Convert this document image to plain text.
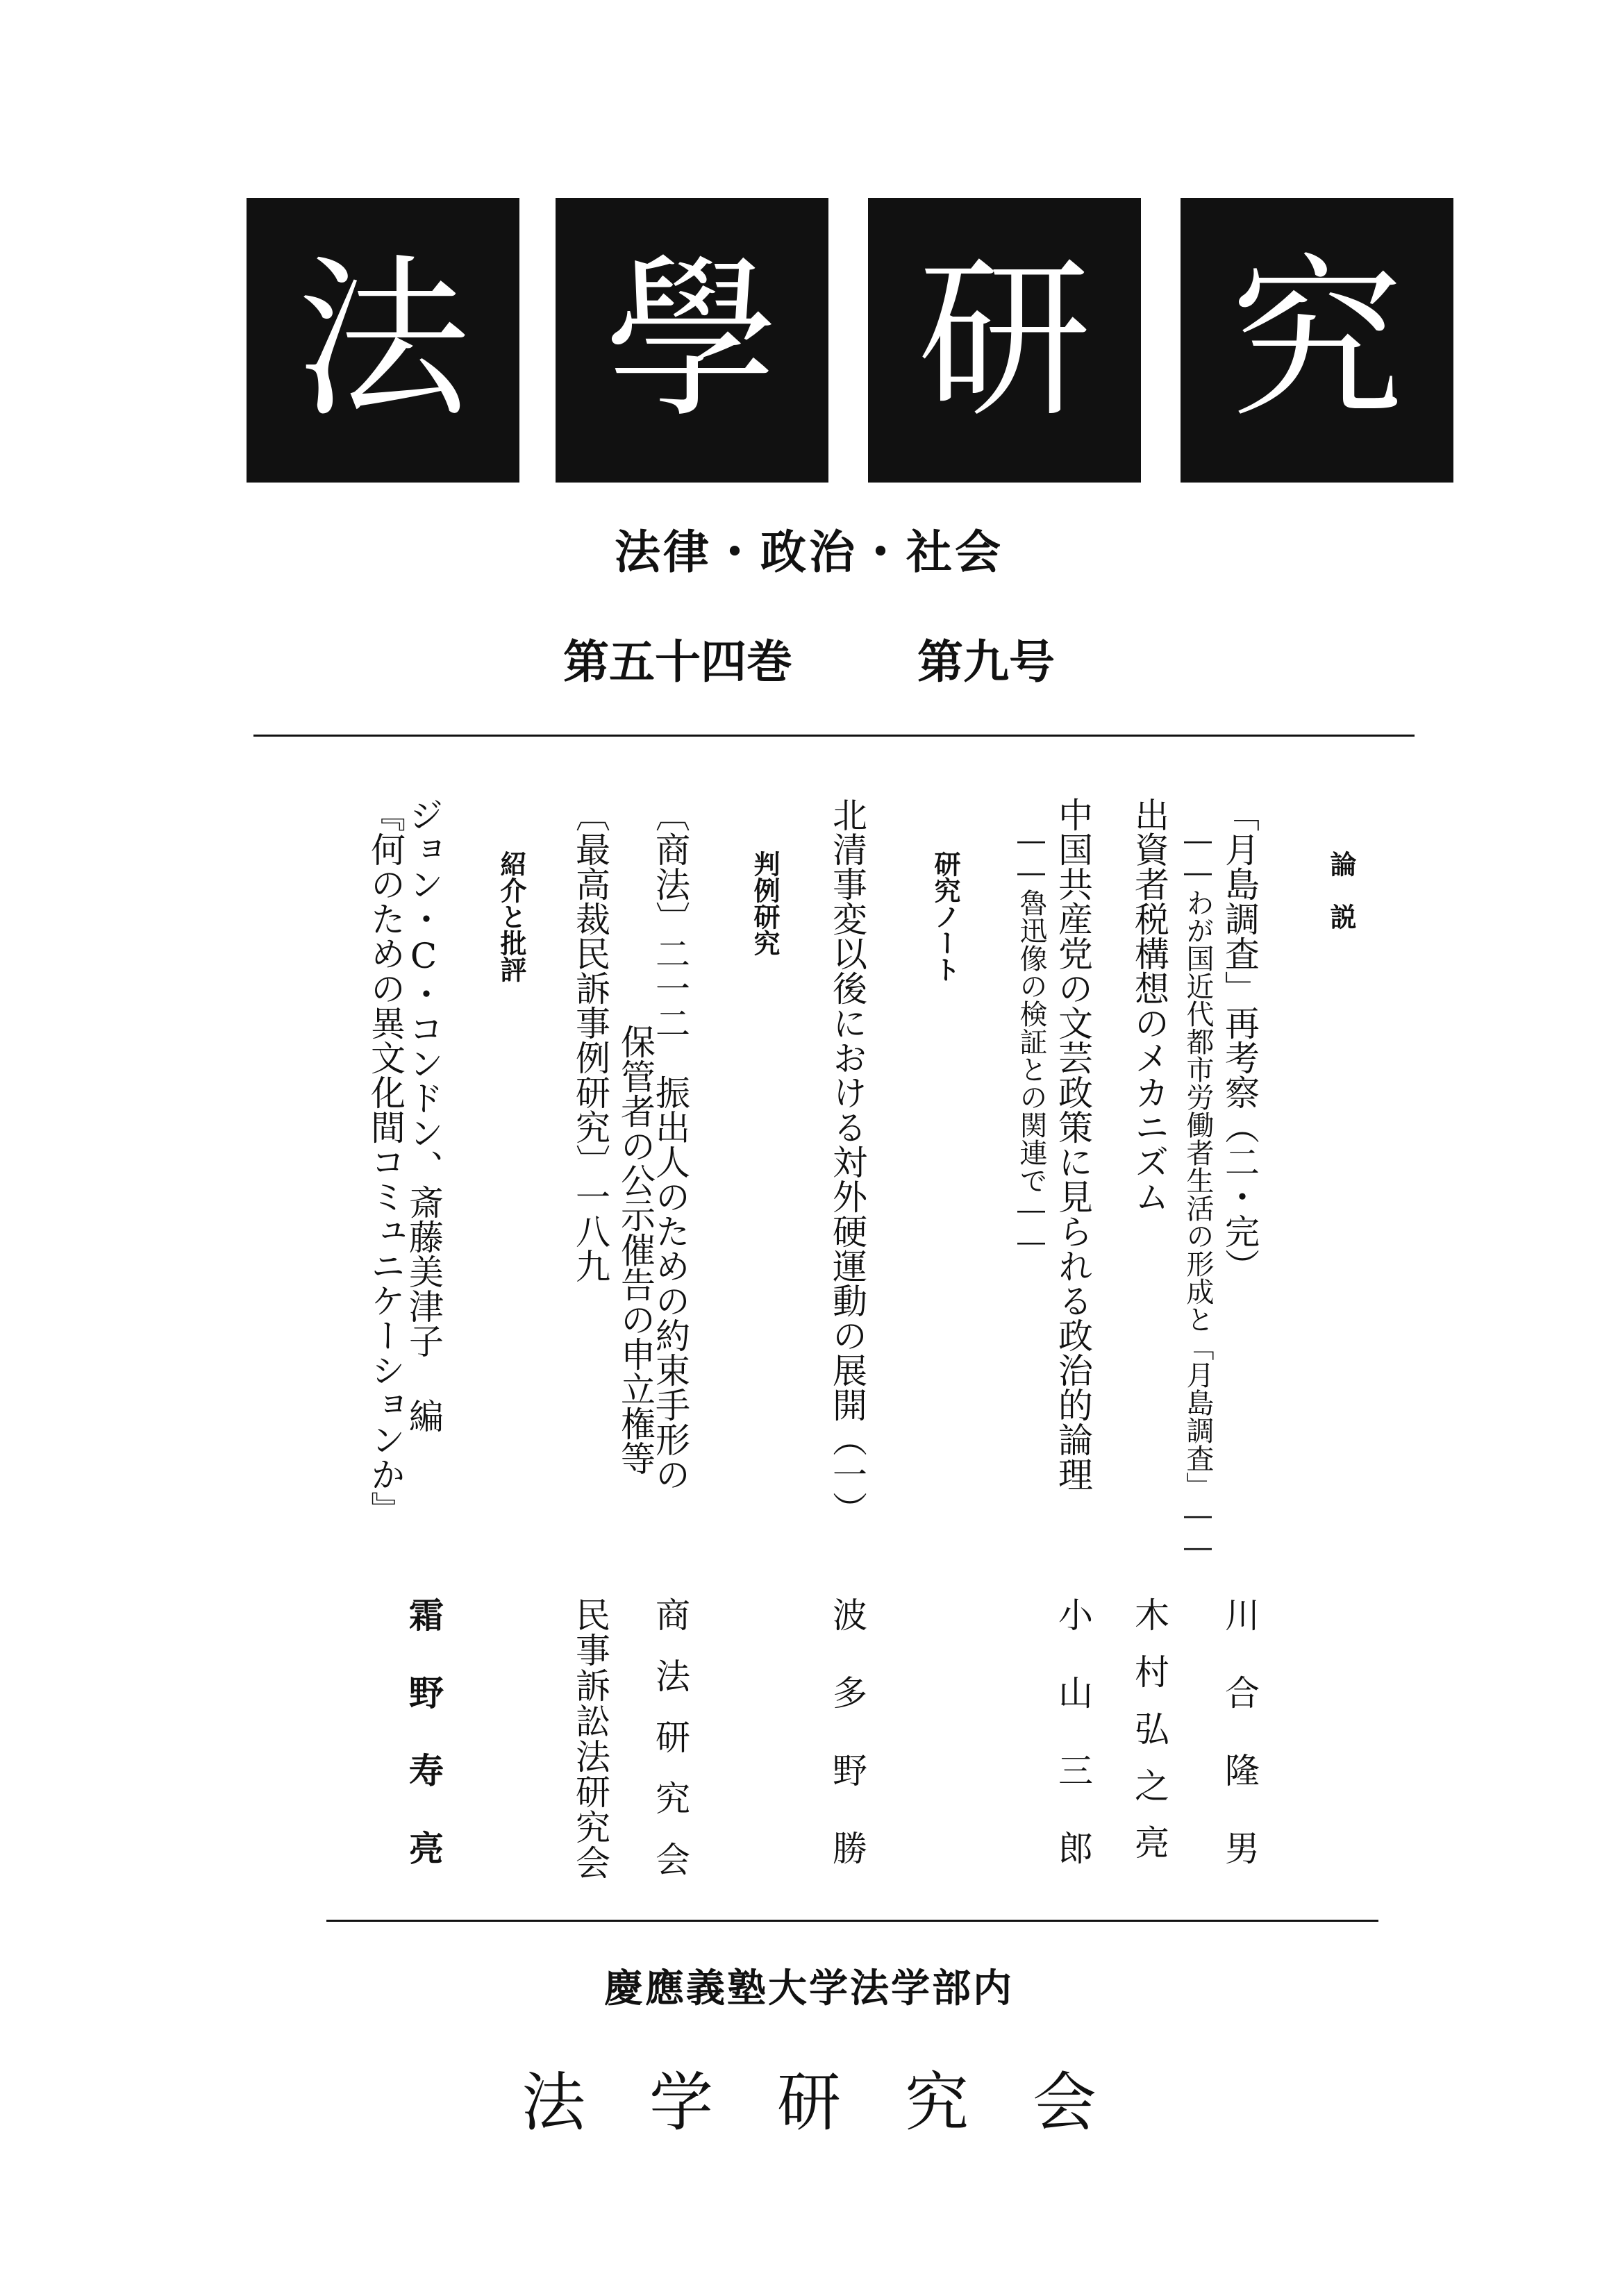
法 學 研 究
法律・政治・社会
第五十四巻	第九号
論　説
「月島調査」再考察（二・完）
――わが国近代都市労働者生活の形成と「月島調査」――
川合隆男
出資者税構想のメカニズム
木村弘之亮
中国共産党の文芸政策に見られる政治的論理
――魯迅像の検証との関連で――
小山三郎
研究ノート
北清事変以後における対外硬運動の展開（一）
波多野勝
判例研究
〔商法〕二一二　振出人のための約束手形の
保管者の公示催告の申立権等
商法研究会
〔最高裁民訴事例研究〕一八九
民事訴訟法研究会
紹介と批評
ジョン・C・コンドン、斎藤美津子 編
『何のための異文化間コミュニケーションか』
霜野寿亮
慶應義塾大学法学部内
法　学　研　究　会
